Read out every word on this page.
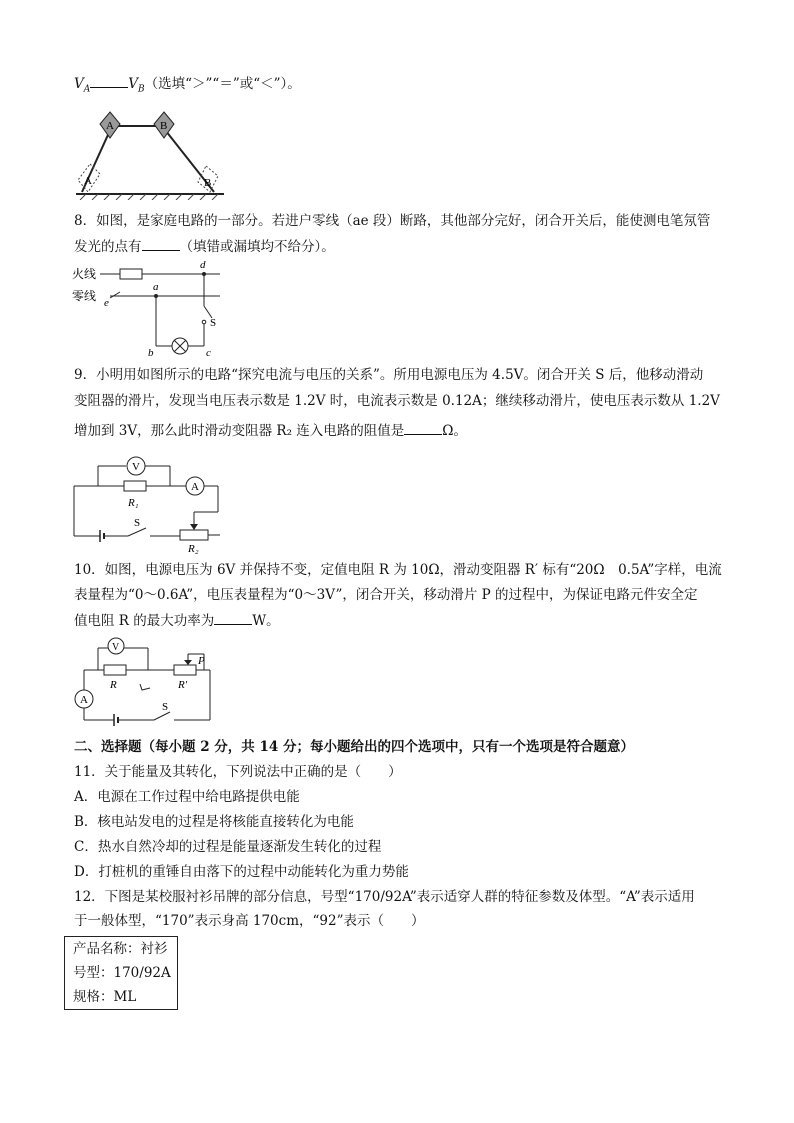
$V_A$	$V_B$（选填“＞”“＝”或“＜”）。
A	B
A	B
8．如图，是家庭电路的一部分。若进户零线（ae 段）断路，其他部分完好，闭合开关后，能使测电笔氖管
发光的点有	（填错或漏填均不给分）。
火线
零线 e
a
d
S
b	c
9．小明用如图所示的电路“探究电流与电压的关系”。所用电源电压为 4.5V。闭合开关 S 后，他移动滑动
变阻器的滑片，发现当电压表示数是 1.2V 时，电流表示数是 0.12A；继续移动滑片，使电压表示数从 1.2V
增加到 3V，那么此时滑动变阻器 R₂ 连入电路的阻值是	Ω。
V
R₁
A
R₂
S
10．如图，电源电压为 6V 并保持不变，定值电阻 R 为 10Ω，滑动变阻器 R′ 标有“20Ω　0.5A”字样，电流
表量程为“0～0.6A”，电压表量程为“0～3V”，闭合开关，移动滑片 P 的过程中，为保证电路元件安全定
值电阻 R 的最大功率为	W。
V
R	R′
P
A
S
二、选择题（每小题 2 分，共 14 分；每小题给出的四个选项中，只有一个选项是符合题意）
11．关于能量及其转化，下列说法中正确的是（　　）
A．电源在工作过程中给电路提供电能
B．核电站发电的过程是将核能直接转化为电能
C．热水自然冷却的过程是能量逐渐发生转化的过程
D．打桩机的重锤自由落下的过程中动能转化为重力势能
12．下图是某校服衬衫吊牌的部分信息，号型“170/92A”表示适穿人群的特征参数及体型。“A”表示适用
于一般体型，“170”表示身高 170cm，“92”表示（　　）
产品名称：衬衫
号型：170/92A
规格：ML
